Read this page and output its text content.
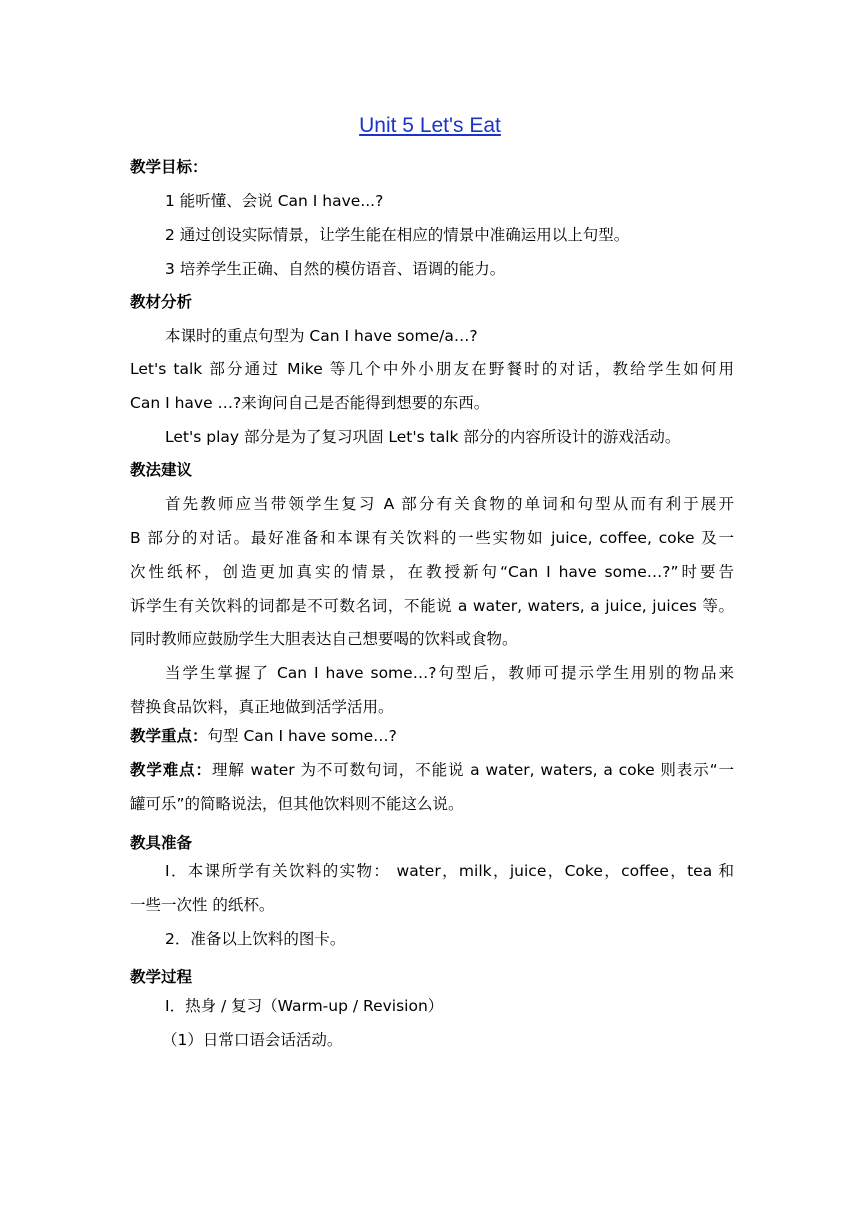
Unit 5 Let's Eat
教学目标：
1 能听懂、会说 Can I have...?
2 通过创设实际情景，让学生能在相应的情景中准确运用以上句型。
3 培养学生正确、自然的模仿语音、语调的能力。
教材分析
本课时的重点句型为 Can I have some/a…?
Let's talk 部分通过 Mike 等几个中外小朋友在野餐时的对话，教给学生如何用
Can I have …?来询问自己是否能得到想要的东西。
Let's play 部分是为了复习巩固 Let's talk 部分的内容所设计的游戏活动。
教法建议
首先教师应当带领学生复习 A 部分有关食物的单词和句型从而有利于展开
B 部分的对话。最好准备和本课有关饮料的一些实物如 juice, coffee, coke 及一
次性纸杯，创造更加真实的情景，在教授新句“Can I have some…?”时要告
诉学生有关饮料的词都是不可数名词，不能说 a water, waters, a juice, juices 等。
同时教师应鼓励学生大胆表达自己想要喝的饮料或食物。
当学生掌握了 Can I have some…?句型后，教师可提示学生用别的物品来
替换食品饮料，真正地做到活学活用。
教学重点：句型 Can I have some…?
教学难点：理解 water 为不可数句词，不能说 a water, waters, a coke 则表示“一
罐可乐”的简略说法，但其他饮料则不能这么说。
教具准备
I．本课所学有关饮料的实物： water，milk，juice，Coke，coffee，tea 和
一些一次性 的纸杯。
2．准备以上饮料的图卡。
教学过程
I．热身 / 复习（Warm-up / Revision）
（1）日常口语会话活动。
